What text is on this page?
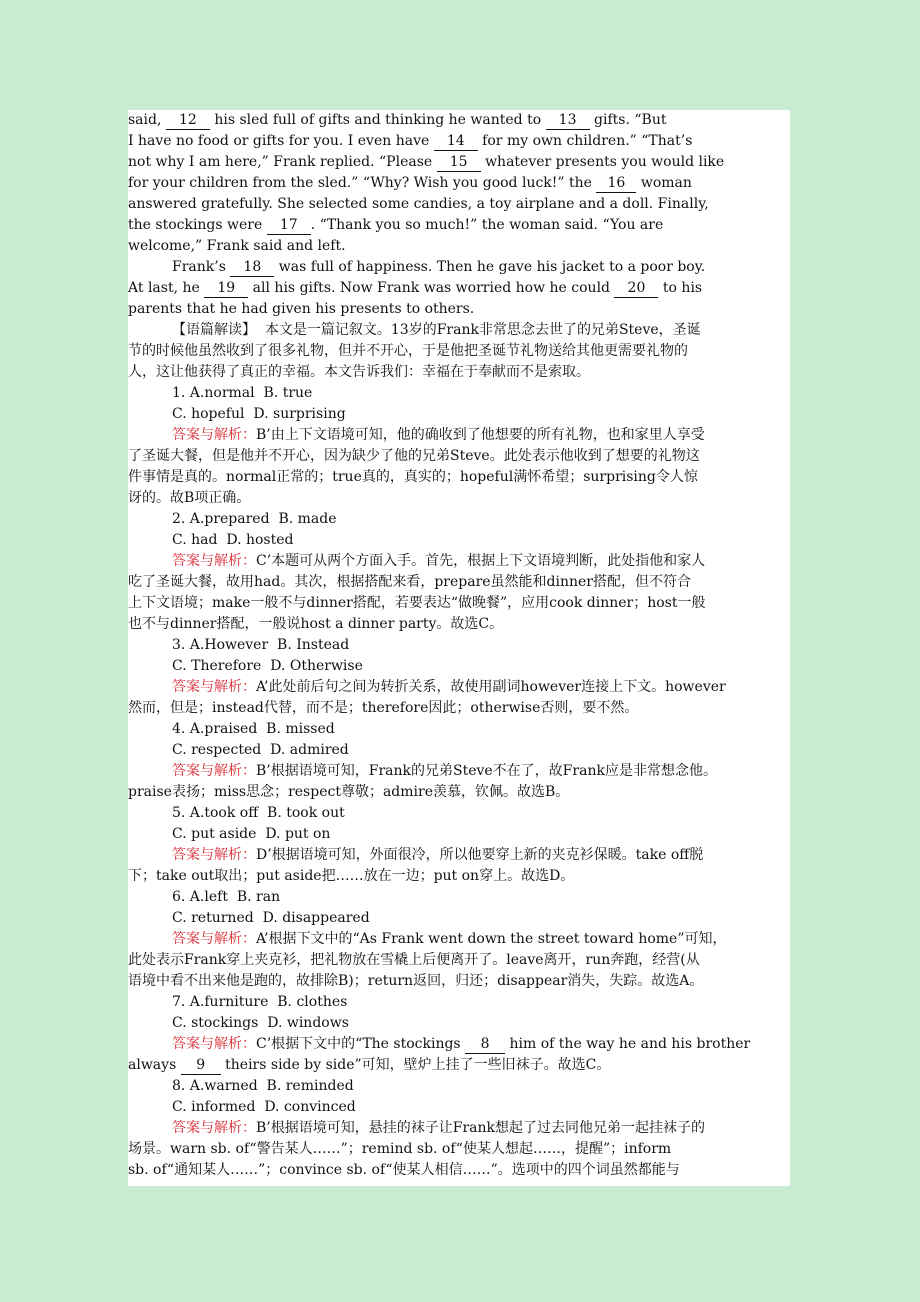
said, 12 his sled full of gifts and thinking he wanted to 13 gifts. “But
I have no food or gifts for you. I even have 14 for my own children.” “That’s
not why I am here,” Frank replied. “Please 15 whatever presents you would like
for your children from the sled.” “Why? Wish you good luck!” the 16 woman
answered gratefully. She selected some candies, a toy airplane and a doll. Finally,
the stockings were 17 . “Thank you so much!” the woman said. “You are
welcome,” Frank said and left.
Frank’s 18 was full of happiness. Then he gave his jacket to a poor boy.
At last, he 19 all his gifts. Now Frank was worried how he could 20 to his
parents that he had given his presents to others.
【语篇解读】  本文是一篇记叙文。13岁的Frank非常思念去世了的兄弟Steve，圣诞
节的时候他虽然收到了很多礼物，但并不开心，于是他把圣诞节礼物送给其他更需要礼物的
人，这让他获得了真正的幸福。本文告诉我们：幸福在于奉献而不是索取。
1. A.normal  B. true
C. hopeful  D. surprising
答案与解析：B’由上下文语境可知，他的确收到了他想要的所有礼物，也和家里人享受
了圣诞大餐，但是他并不开心，因为缺少了他的兄弟Steve。此处表示他收到了想要的礼物这
件事情是真的。normal正常的；true真的，真实的；hopeful满怀希望；surprising令人惊
讶的。故B项正确。
2. A.prepared  B. made
C. had  D. hosted
答案与解析：C’本题可从两个方面入手。首先，根据上下文语境判断，此处指他和家人
吃了圣诞大餐，故用had。其次，根据搭配来看，prepare虽然能和dinner搭配，但不符合
上下文语境；make一般不与dinner搭配，若要表达“做晚餐”，应用cook dinner；host一般
也不与dinner搭配，一般说host a dinner party。故选C。
3. A.However  B. Instead
C. Therefore  D. Otherwise
答案与解析：A’此处前后句之间为转折关系，故使用副词however连接上下文。however
然而，但是；instead代替，而不是；therefore因此；otherwise否则，要不然。
4. A.praised  B. missed
C. respected  D. admired
答案与解析：B’根据语境可知，Frank的兄弟Steve不在了，故Frank应是非常想念他。
praise表扬；miss思念；respect尊敬；admire羡慕，钦佩。故选B。
5. A.took off  B. took out
C. put aside  D. put on
答案与解析：D’根据语境可知，外面很冷，所以他要穿上新的夹克衫保暖。take off脱
下；take out取出；put aside把……放在一边；put on穿上。故选D。
6. A.left  B. ran
C. returned  D. disappeared
答案与解析：A’根据下文中的“As Frank went down the street toward home”可知，
此处表示Frank穿上夹克衫，把礼物放在雪橇上后便离开了。leave离开，run奔跑，经营(从
语境中看不出来他是跑的，故排除B)；return返回，归还；disappear消失，失踪。故选A。
7. A.furniture  B. clothes
C. stockings  D. windows
答案与解析：C’根据下文中的“The stockings 8 him of the way he and his brother
always 9 theirs side by side”可知，壁炉上挂了一些旧袜子。故选C。
8. A.warned  B. reminded
C. informed  D. convinced
答案与解析：B’根据语境可知，悬挂的袜子让Frank想起了过去同他兄弟一起挂袜子的
场景。warn sb. of“警告某人……”；remind sb. of“使某人想起……，提醒”；inform
sb. of“通知某人……”；convince sb. of“使某人相信……”。选项中的四个词虽然都能与
